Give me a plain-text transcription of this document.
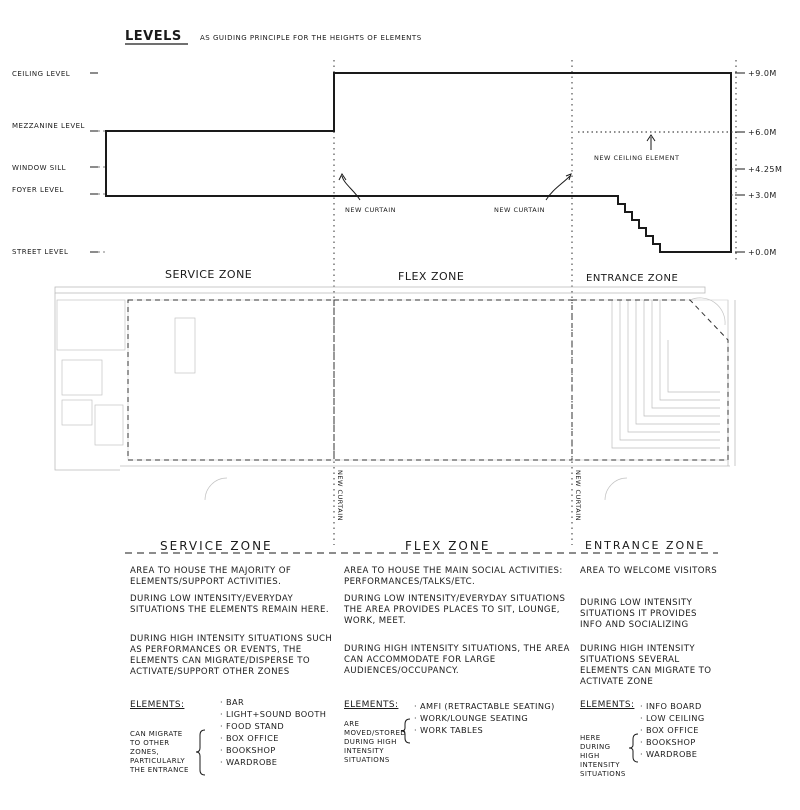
LEVELS	AS GUIDING PRINCIPLE FOR THE HEIGHTS OF ELEMENTS
CEILING LEVEL
MEZZANINE LEVEL
WINDOW SILL
FOYER LEVEL
STREET LEVEL
+9.0M
+6.0M
+4.25M
+3.0M
+0.0M
NEW CEILING ELEMENT
NEW CURTAIN	NEW CURTAIN
SERVICE ZONE	FLEX ZONE	ENTRANCE ZONE
NEW CURTAIN	NEW CURTAIN
SERVICE ZONE	FLEX ZONE	ENTRANCE ZONE
AREA TO HOUSE THE MAJORITY OF ELEMENTS/SUPPORT ACTIVITIES.
DURING LOW INTENSITY/EVERYDAY SITUATIONS THE ELEMENTS REMAIN HERE.
DURING HIGH INTENSITY SITUATIONS SUCH AS PERFORMANCES OR EVENTS, THE ELEMENTS CAN MIGRATE/DISPERSE TO ACTIVATE/SUPPORT OTHER ZONES
ELEMENTS:	· BAR
· LIGHT+SOUND BOOTH
· FOOD STAND
· BOX OFFICE
· BOOKSHOP
· WARDROBE
CAN MIGRATE TO OTHER ZONES, PARTICULARLY THE ENTRANCE
AREA TO HOUSE THE MAIN SOCIAL ACTIVITIES: PERFORMANCES/TALKS/ETC.
DURING LOW INTENSITY/EVERYDAY SITUATIONS THE AREA PROVIDES PLACES TO SIT, LOUNGE, WORK, MEET.
DURING HIGH INTENSITY SITUATIONS, THE AREA CAN ACCOMMODATE FOR LARGE AUDIENCES/OCCUPANCY.
ELEMENTS:	· AMFI (RETRACTABLE SEATING)
· WORK/LOUNGE SEATING
· WORK TABLES
ARE MOVED/STORED DURING HIGH INTENSITY SITUATIONS
AREA TO WELCOME VISITORS
DURING LOW INTENSITY SITUATIONS IT PROVIDES INFO AND SOCIALIZING
DURING HIGH INTENSITY SITUATIONS SEVERAL ELEMENTS CAN MIGRATE TO ACTIVATE ZONE
ELEMENTS:	· INFO BOARD
· LOW CEILING
· BOX OFFICE
· BOOKSHOP
· WARDROBE
HERE DURING HIGH INTENSITY SITUATIONS
